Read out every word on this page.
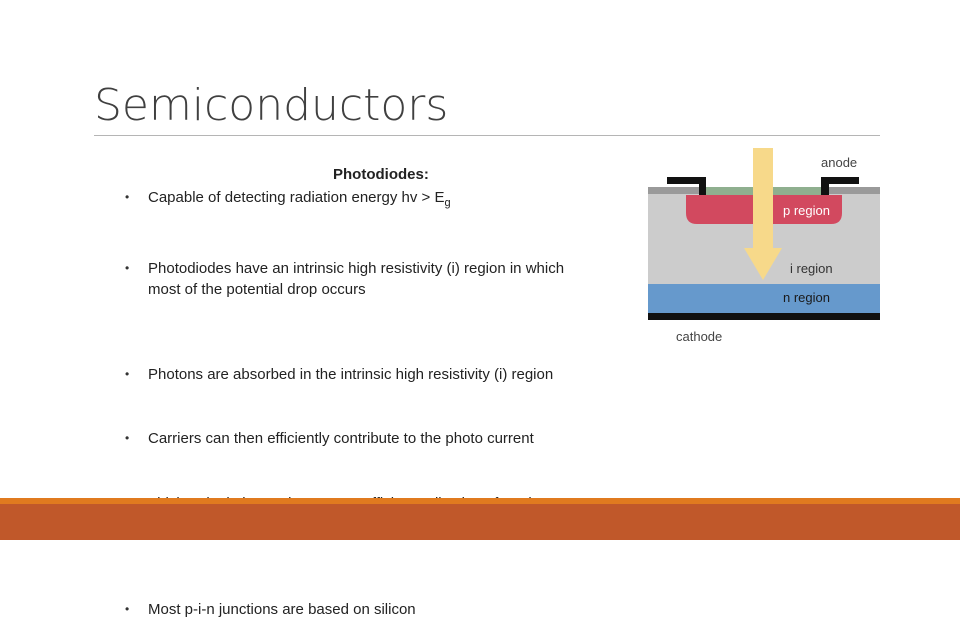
Semiconductors
Photodiodes:
• Capable of detecting radiation energy hv > $E_g$
• Photodiodes have an intrinsic high resistivity (i) region in which
most of the potential drop occurs
• Photons are absorbed in the intrinsic high resistivity (i) region
• Carriers can then efficiently contribute to the photo current

• Most p-i-n junctions are based on silicon
anode
p region
i region
n region
cathode
